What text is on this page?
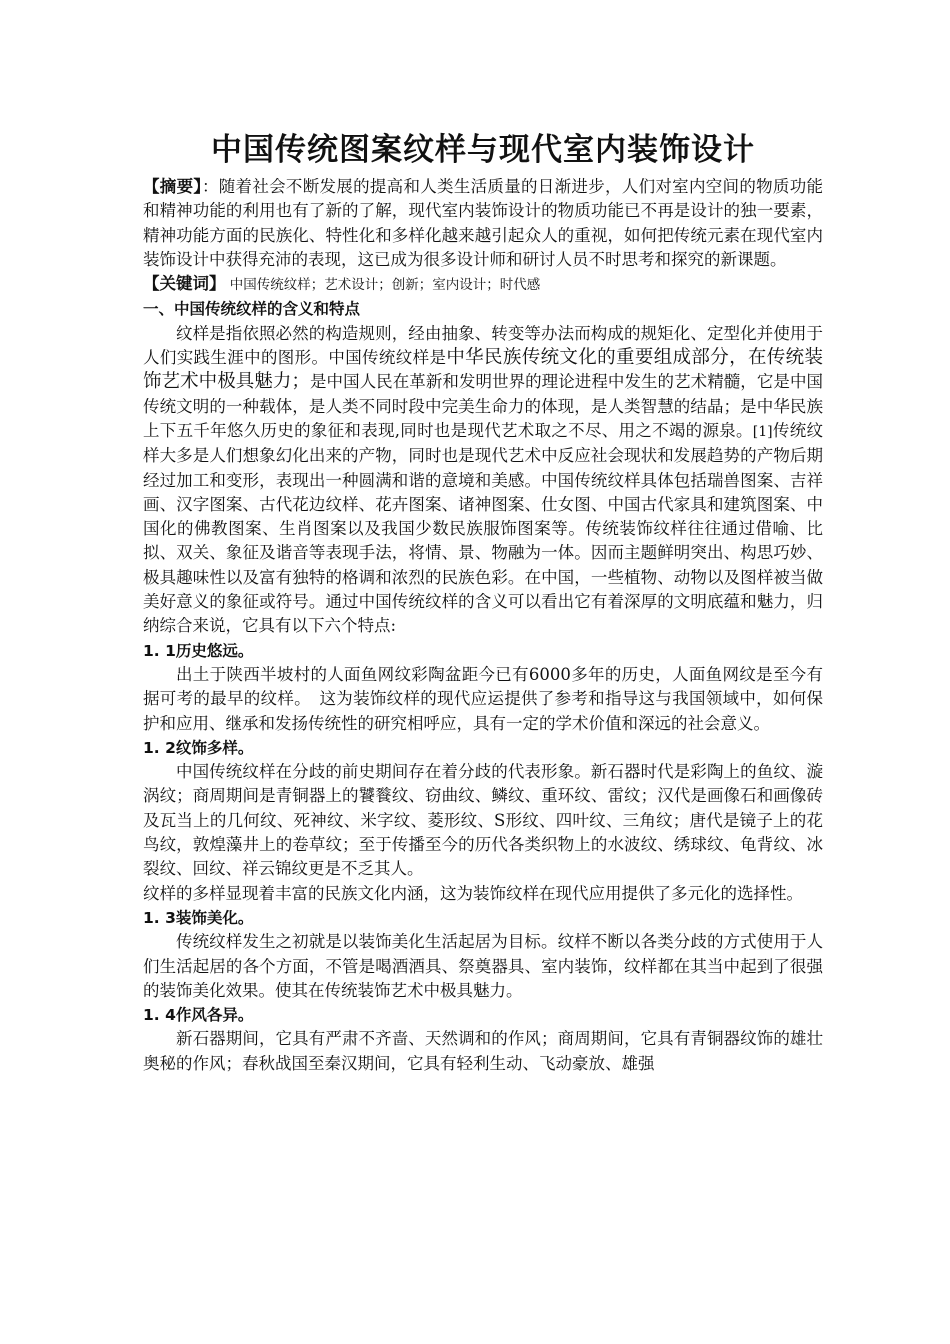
中国传统图案纹样与现代室内装饰设计

【摘要】：随着社会不断发展的提高和人类生活质量的日渐进步，人们对室内空间的物质功能和精神功能的利用也有了新的了解，现代室内装饰设计的物质功能已不再是设计的独一要素，精神功能方面的民族化、特性化和多样化越来越引起众人的重视，如何把传统元素在现代室内装饰设计中获得充沛的表现，这已成为很多设计师和研讨人员不时思考和探究的新课题。

【关键词】 中国传统纹样；艺术设计；创新；室内设计；时代感

一、中国传统纹样的含义和特点

纹样是指依照必然的构造规则，经由抽象、转变等办法而构成的规矩化、定型化并使用于人们实践生涯中的图形。中国传统纹样是中华民族传统文化的重要组成部分，在传统装饰艺术中极具魅力；是中国人民在革新和发明世界的理论进程中发生的艺术精髓，它是中国传统文明的一种载体，是人类不同时段中完美生命力的体现，是人类智慧的结晶；是中华民族上下五千年悠久历史的象征和表现,同时也是现代艺术取之不尽、用之不竭的源泉。[1]传统纹样大多是人们想象幻化出来的产物，同时也是现代艺术中反应社会现状和发展趋势的产物后期经过加工和变形，表现出一种圆满和谐的意境和美感。中国传统纹样具体包括瑞兽图案、吉祥画、汉字图案、古代花边纹样、花卉图案、诸神图案、仕女图、中国古代家具和建筑图案、中国化的佛教图案、生肖图案以及我国少数民族服饰图案等。传统装饰纹样往往通过借喻、比拟、双关、象征及谐音等表现手法，将情、景、物融为一体。因而主题鲜明突出、构思巧妙、 极具趣味性以及富有独特的格调和浓烈的民族色彩。在中国，一些植物、动物以及图样被当做美好意义的象征或符号。通过中国传统纹样的含义可以看出它有着深厚的文明底蕴和魅力，归纳综合来说，它具有以下六个特点:

1. 1历史悠远。

出土于陕西半坡村的人面鱼网纹彩陶盆距今已有6000多年的历史，人面鱼网纹是至今有据可考的最早的纹样。　这为装饰纹样的现代应运提供了参考和指导这与我国领域中，如何保护和应用、继承和发扬传统性的研究相呼应，具有一定的学术价值和深远的社会意义。

1. 2纹饰多样。

中国传统纹样在分歧的前史期间存在着分歧的代表形象。新石器时代是彩陶上的鱼纹、漩涡纹；商周期间是青铜器上的饕餮纹、窃曲纹、鳞纹、重环纹、雷纹；汉代是画像石和画像砖及瓦当上的几何纹、死神纹、米字纹、菱形纹、S形纹、四叶纹、三角纹；唐代是镜子上的花鸟纹，敦煌藻井上的卷草纹；至于传播至今的历代各类织物上的水波纹、绣球纹、龟背纹、冰裂纹、回纹、祥云锦纹更是不乏其人。

纹样的多样显现着丰富的民族文化内涵，这为装饰纹样在现代应用提供了多元化的选择性。

1. 3装饰美化。

传统纹样发生之初就是以装饰美化生活起居为目标。纹样不断以各类分歧的方式使用于人们生活起居的各个方面，不管是喝酒酒具、祭奠器具、室内装饰，纹样都在其当中起到了很强的装饰美化效果。使其在传统装饰艺术中极具魅力。

1. 4作风各异。

新石器期间，它具有严肃不齐啬、天然调和的作风；商周期间，它具有青铜器纹饰的雄壮奥秘的作风；春秋战国至秦汉期间，它具有轻利生动、飞动豪放、雄强
